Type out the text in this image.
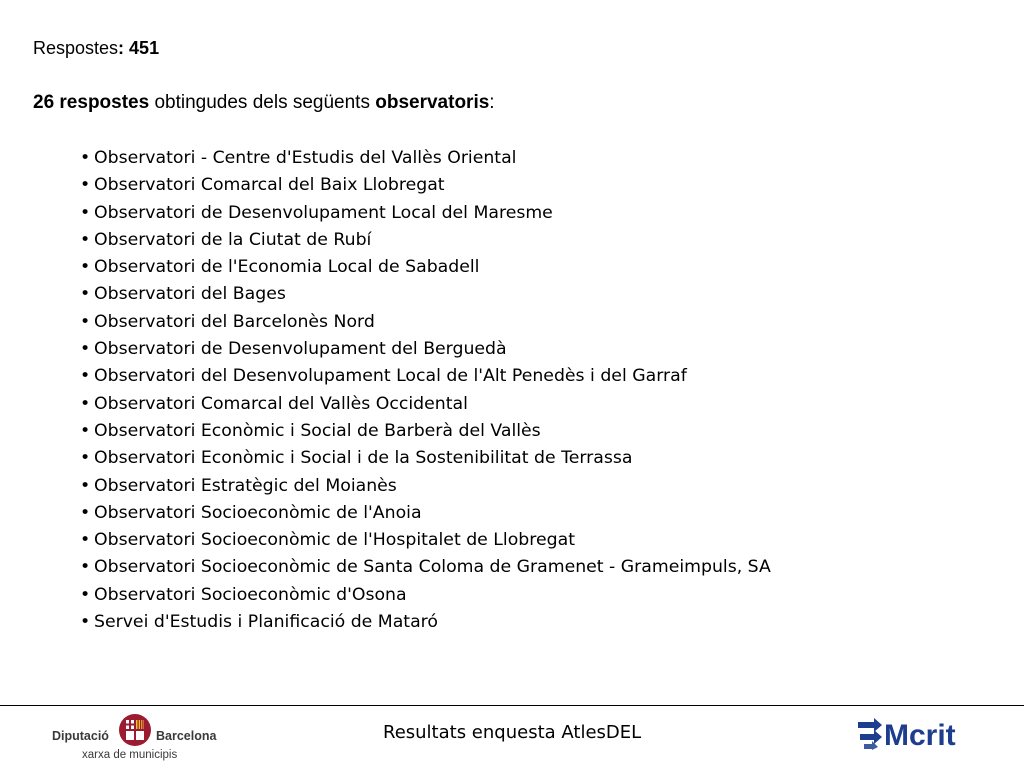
Respostes: 451
26 respostes obtingudes dels següents observatoris:
• Observatori - Centre d'Estudis del Vallès Oriental
• Observatori Comarcal del Baix Llobregat
• Observatori de Desenvolupament Local del Maresme
• Observatori de la Ciutat de Rubí
• Observatori de l'Economia Local de Sabadell
• Observatori del Bages
• Observatori del Barcelonès Nord
• Observatori de Desenvolupament del Berguedà
• Observatori del Desenvolupament Local de l'Alt Penedès i del Garraf
• Observatori Comarcal del Vallès Occidental
• Observatori Econòmic i Social de Barberà del Vallès
• Observatori Econòmic i Social i de la Sostenibilitat de Terrassa
• Observatori Estratègic del Moianès
• Observatori Socioeconòmic de l'Anoia
• Observatori Socioeconòmic de l'Hospitalet de Llobregat
• Observatori Socioeconòmic de Santa Coloma de Gramenet - Grameimpuls, SA
• Observatori Socioeconòmic d'Osona
• Servei d'Estudis i Planificació de Mataró
Diputació	Barcelona
xarxa de municipis
Resultats enquesta AtlesDEL	Mcrit
